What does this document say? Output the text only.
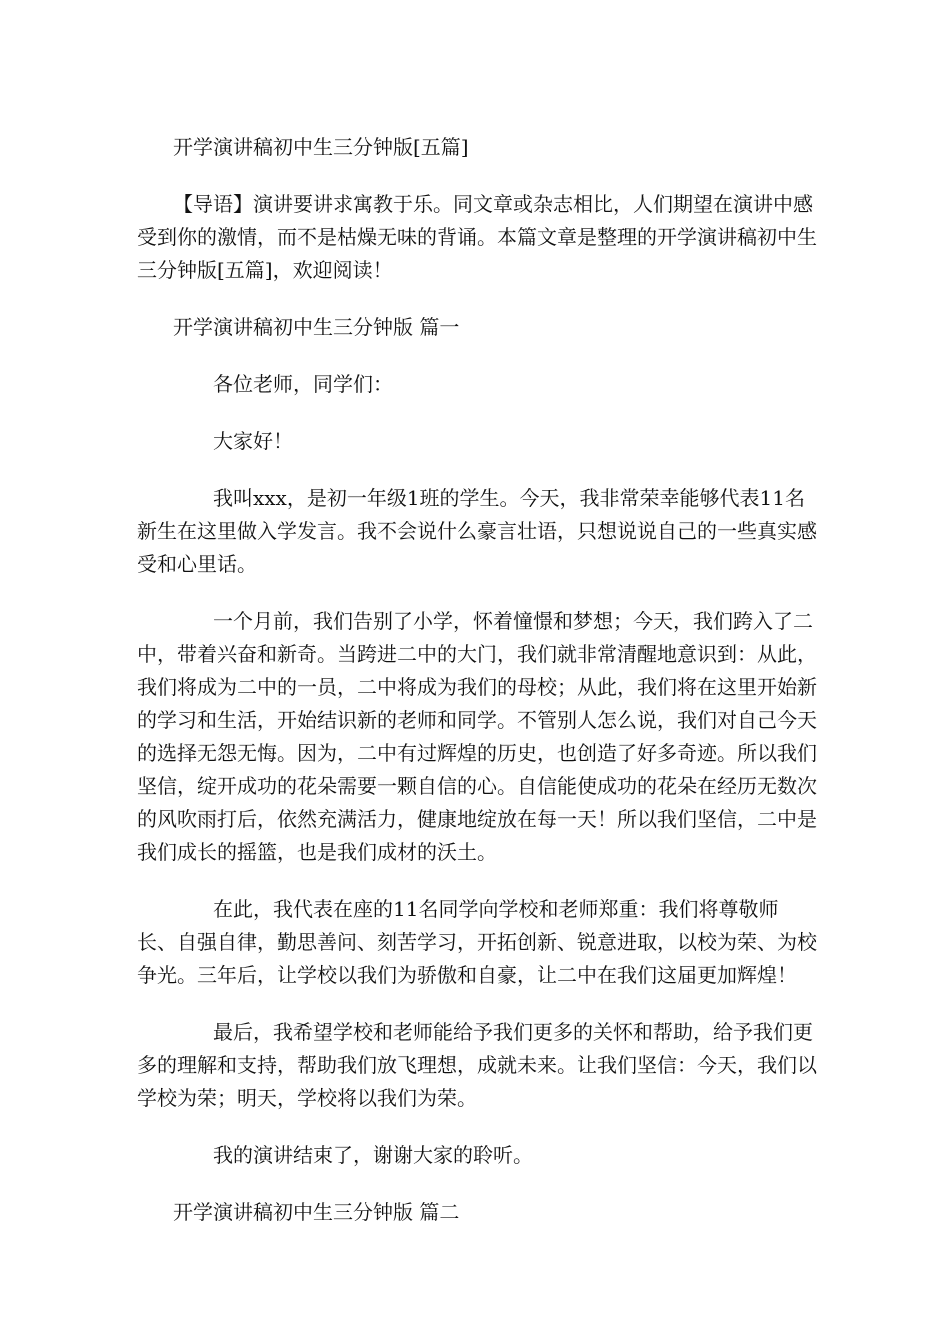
开学演讲稿初中生三分钟版[五篇]

【导语】演讲要讲求寓教于乐。同文章或杂志相比，人们期望在演讲中感受到你的激情，而不是枯燥无味的背诵。本篇文章是整理的开学演讲稿初中生三分钟版[五篇]，欢迎阅读！

开学演讲稿初中生三分钟版 篇一

各位老师，同学们：

大家好！

我叫xxx，是初一年级1班的学生。今天，我非常荣幸能够代表11名新生在这里做入学发言。我不会说什么豪言壮语，只想说说自己的一些真实感受和心里话。

一个月前，我们告别了小学，怀着憧憬和梦想；今天，我们跨入了二中，带着兴奋和新奇。当跨进二中的大门，我们就非常清醒地意识到：从此，我们将成为二中的一员，二中将成为我们的母校；从此，我们将在这里开始新的学习和生活，开始结识新的老师和同学。不管别人怎么说，我们对自己今天的选择无怨无悔。因为，二中有过辉煌的历史，也创造了好多奇迹。所以我们坚信，绽开成功的花朵需要一颗自信的心。自信能使成功的花朵在经历无数次的风吹雨打后，依然充满活力，健康地绽放在每一天！所以我们坚信，二中是我们成长的摇篮，也是我们成材的沃土。

在此，我代表在座的11名同学向学校和老师郑重：我们将尊敬师长、自强自律，勤思善问、刻苦学习，开拓创新、锐意进取，以校为荣、为校争光。三年后，让学校以我们为骄傲和自豪，让二中在我们这届更加辉煌！

最后，我希望学校和老师能给予我们更多的关怀和帮助，给予我们更多的理解和支持，帮助我们放飞理想，成就未来。让我们坚信：今天，我们以学校为荣；明天，学校将以我们为荣。

我的演讲结束了，谢谢大家的聆听。

开学演讲稿初中生三分钟版 篇二
